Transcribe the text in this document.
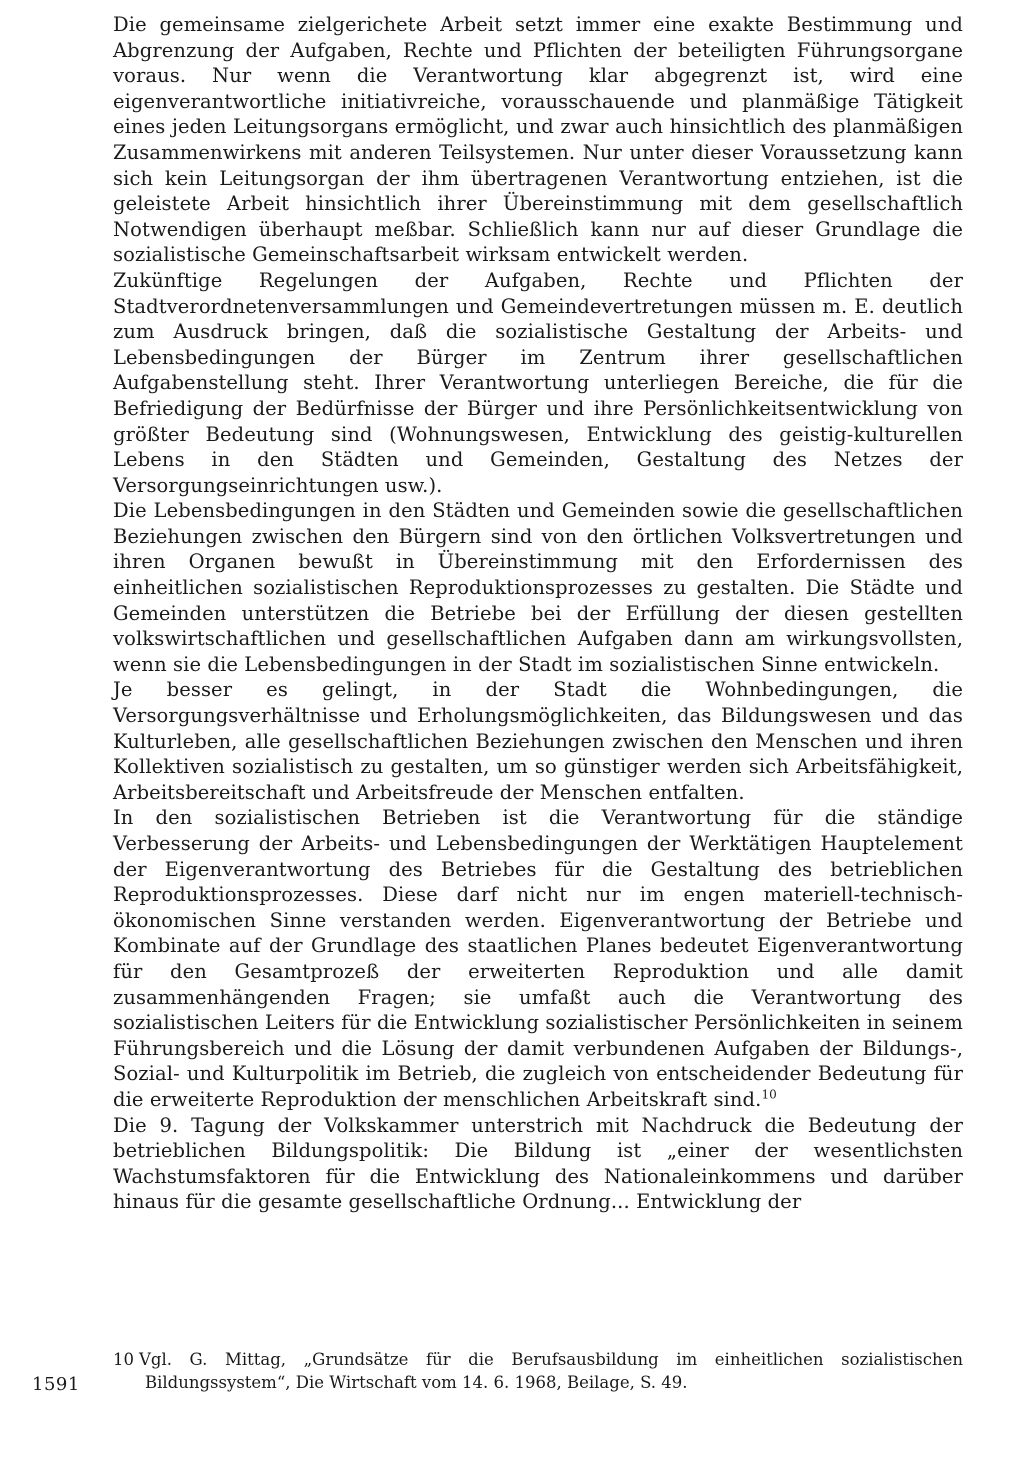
Die gemeinsame zielgerichete Arbeit setzt immer eine exakte Bestimmung und Abgrenzung der Aufgaben, Rechte und Pflichten der beteiligten Führungsorgane voraus. Nur wenn die Verantwortung klar abgegrenzt ist, wird eine eigenverantwortliche initiativreiche, vorausschauende und planmäßige Tätigkeit eines jeden Leitungsorgans ermöglicht, und zwar auch hinsichtlich des planmäßigen Zusammenwirkens mit anderen Teilsystemen. Nur unter dieser Voraussetzung kann sich kein Leitungsorgan der ihm übertragenen Verantwortung entziehen, ist die geleistete Arbeit hinsichtlich ihrer Übereinstimmung mit dem gesellschaftlich Notwendigen überhaupt meßbar. Schließlich kann nur auf dieser Grundlage die sozialistische Gemeinschaftsarbeit wirksam entwickelt werden.

Zukünftige Regelungen der Aufgaben, Rechte und Pflichten der Stadtverordnetenversammlungen und Gemeindevertretungen müssen m. E. deutlich zum Ausdruck bringen, daß die sozialistische Gestaltung der Arbeits- und Lebensbedingungen der Bürger im Zentrum ihrer gesellschaftlichen Aufgabenstellung steht. Ihrer Verantwortung unterliegen Bereiche, die für die Befriedigung der Bedürfnisse der Bürger und ihre Persönlichkeitsentwicklung von größter Bedeutung sind (Wohnungswesen, Entwicklung des geistig-kulturellen Lebens in den Städten und Gemeinden, Gestaltung des Netzes der Versorgungseinrichtungen usw.).

Die Lebensbedingungen in den Städten und Gemeinden sowie die gesellschaftlichen Beziehungen zwischen den Bürgern sind von den örtlichen Volksvertretungen und ihren Organen bewußt in Übereinstimmung mit den Erfordernissen des einheitlichen sozialistischen Reproduktionsprozesses zu gestalten. Die Städte und Gemeinden unterstützen die Betriebe bei der Erfüllung der diesen gestellten volkswirtschaftlichen und gesellschaftlichen Aufgaben dann am wirkungsvollsten, wenn sie die Lebensbedingungen in der Stadt im sozialistischen Sinne entwickeln.

Je besser es gelingt, in der Stadt die Wohnbedingungen, die Versorgungsverhältnisse und Erholungsmöglichkeiten, das Bildungswesen und das Kulturleben, alle gesellschaftlichen Beziehungen zwischen den Menschen und ihren Kollektiven sozialistisch zu gestalten, um so günstiger werden sich Arbeitsfähigkeit, Arbeitsbereitschaft und Arbeitsfreude der Menschen entfalten.

In den sozialistischen Betrieben ist die Verantwortung für die ständige Verbesserung der Arbeits- und Lebensbedingungen der Werktätigen Hauptelement der Eigenverantwortung des Betriebes für die Gestaltung des betrieblichen Reproduktionsprozesses. Diese darf nicht nur im engen materiell-technisch-ökonomischen Sinne verstanden werden. Eigenverantwortung der Betriebe und Kombinate auf der Grundlage des staatlichen Planes bedeutet Eigenverantwortung für den Gesamtprozeß der erweiterten Reproduktion und alle damit zusammenhängenden Fragen; sie umfaßt auch die Verantwortung des sozialistischen Leiters für die Entwicklung sozialistischer Persönlichkeiten in seinem Führungsbereich und die Lösung der damit verbundenen Aufgaben der Bildungs-, Sozial- und Kulturpolitik im Betrieb, die zugleich von entscheidender Bedeutung für die erweiterte Reproduktion der menschlichen Arbeitskraft sind.$^{10}$

Die 9. Tagung der Volkskammer unterstrich mit Nachdruck die Bedeutung der betrieblichen Bildungspolitik: Die Bildung ist „einer der wesentlichsten Wachstumsfaktoren für die Entwicklung des Nationaleinkommens und darüber hinaus für die gesamte gesellschaftliche Ordnung... Entwicklung der

10 Vgl. G. Mittag, „Grundsätze für die Berufsausbildung im einheitlichen sozialistischen Bildungssystem“, Die Wirtschaft vom 14. 6. 1968, Beilage, S. 49.
1591
